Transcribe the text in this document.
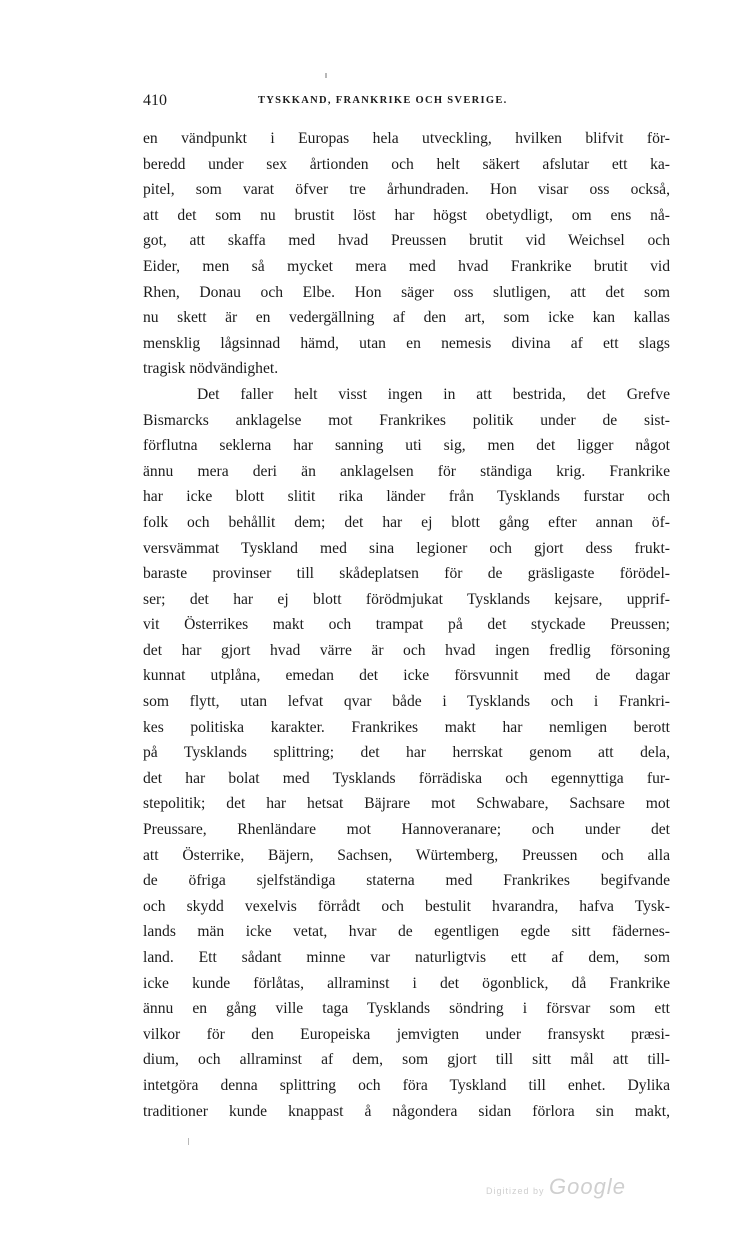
410	TYSKKAND, FRANKRIKE OCH SVERIGE.
en vändpunkt i Europas hela utveckling, hvilken blifvit för-
beredd under sex årtionden och helt säkert afslutar ett ka-
pitel, som varat öfver tre århundraden. Hon visar oss också,
att det som nu brustit löst har högst obetydligt, om ens nå-
got, att skaffa med hvad Preussen brutit vid Weichsel och
Eider, men så mycket mera med hvad Frankrike brutit vid
Rhen, Donau och Elbe. Hon säger oss slutligen, att det som
nu skett är en vedergällning af den art, som icke kan kallas
mensklig lågsinnad hämd, utan en nemesis divina af ett slags
tragisk nödvändighet.
Det faller helt visst ingen in att bestrida, det Grefve
Bismarcks anklagelse mot Frankrikes politik under de sist-
förflutna seklerna har sanning uti sig, men det ligger något
ännu mera deri än anklagelsen för ständiga krig. Frankrike
har icke blott slitit rika länder från Tysklands furstar och
folk och behållit dem; det har ej blott gång efter annan öf-
versvämmat Tyskland med sina legioner och gjort dess frukt-
baraste provinser till skådeplatsen för de gräsligaste förödel-
ser; det har ej blott förödmjukat Tysklands kejsare, upprif-
vit Österrikes makt och trampat på det styckade Preussen;
det har gjort hvad värre är och hvad ingen fredlig försoning
kunnat utplåna, emedan det icke försvunnit med de dagar
som flytt, utan lefvat qvar både i Tysklands och i Frankri-
kes politiska karakter. Frankrikes makt har nemligen berott
på Tysklands splittring; det har herrskat genom att dela,
det har bolat med Tysklands förrädiska och egennyttiga fur-
stepolitik; det har hetsat Bäjrare mot Schwabare, Sachsare mot
Preussare, Rhenländare mot Hannoveranare; och under det
att Österrike, Bäjern, Sachsen, Würtemberg, Preussen och alla
de öfriga sjelfständiga staterna med Frankrikes begifvande
och skydd vexelvis förrådt och bestulit hvarandra, hafva Tysk-
lands män icke vetat, hvar de egentligen egde sitt fädernes-
land. Ett sådant minne var naturligtvis ett af dem, som
icke kunde förlåtas, allraminst i det ögonblick, då Frankrike
ännu en gång ville taga Tysklands söndring i försvar som ett
vilkor för den Europeiska jemvigten under fransyskt præsi-
dium, och allraminst af dem, som gjort till sitt mål att till-
intetgöra denna splittring och föra Tyskland till enhet. Dylika
traditioner kunde knappast å någondera sidan förlora sin makt,
Digitized by Google
